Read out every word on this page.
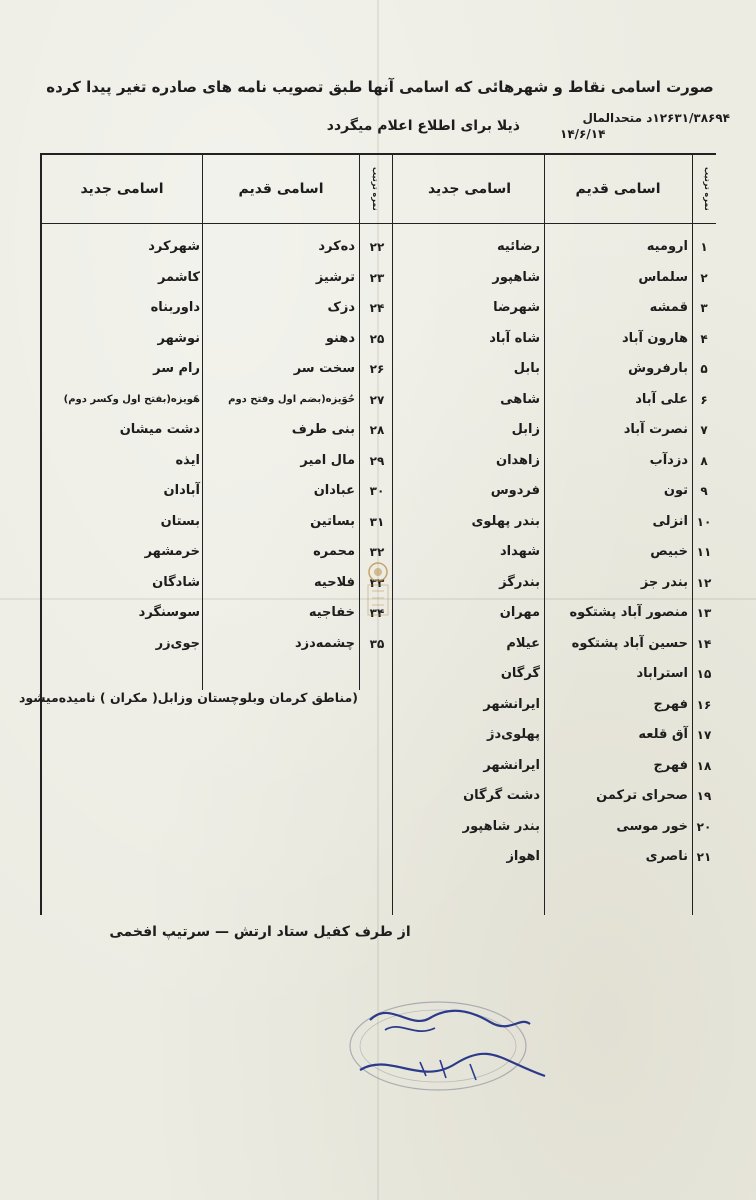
صورت اسامی نقاط و شهرهائی که اسامی آنها طبق تصویب نامه های صادره تغیر پیدا کرده
ذیلا برای اطلاع اعلام میگردد	۱۲۶۳۱/۳۸۶۹۴د متحدالمال
۱۴/۶/۱۴
اسامی قدیم
اسامی جدید
اسامی قدیم
اسامی جدید	نمره ترتیب
نمره ترتیب
۱
ارومیه
رضائیه
۲
سلماس
شاهپور
۳
قمشه
شهرضا
۴
هارون آباد
شاه آباد
۵
بارفروش
بابل
۶
علی آباد
شاهی
۷
نصرت آباد
زابل
۸
دزدآب
زاهدان
۹
تون
فردوس
۱۰
انزلی
بندر پهلوی
۱۱
خبیص
شهداد
۱۲
بندر جز
بندرگز
۱۳
منصور آباد پشتکوه
مهران
۱۴
حسین آباد پشتکوه
عیلام
۱۵
استراباد
گرگان
۱۶
فهرج
ایرانشهر
۱۷
آق قلعه
پهلوی‌دژ
۱۸
فهرج
ایرانشهر
۱۹
صحرای ترکمن
دشت گرگان
۲۰
خور موسی
بندر شاهپور
۲۱
ناصری
اهواز
۲۲
ده‌کرد
شهرکرد
۲۳
ترشیز
کاشمر
۲۴
دزک
داوربناه
۲۵
دهنو
نوشهر
۲۶
سخت سر
رام سر
۲۷
حُوَیزه(بضم اول وفتح دوم
هَویزه(بفتح اول وکسر دوم)
۲۸
بنی طرف
دشت میشان
۲۹
مال امیر
ایذه
۳۰
عبادان
آبادان
۳۱
بساتین
بستان
۳۲
محمره
خرمشهر
۳۳
فلاحیه
شادگان
۳۴
خفاجیه
سوسنگرد
۳۵
چشمه‌دزد
جوی‌زر
(مناطق کرمان وبلوچستان وزابل( مکران ) نامیده‌میشود
از طرف کفیل ستاد ارتش — سرتیپ افخمی
